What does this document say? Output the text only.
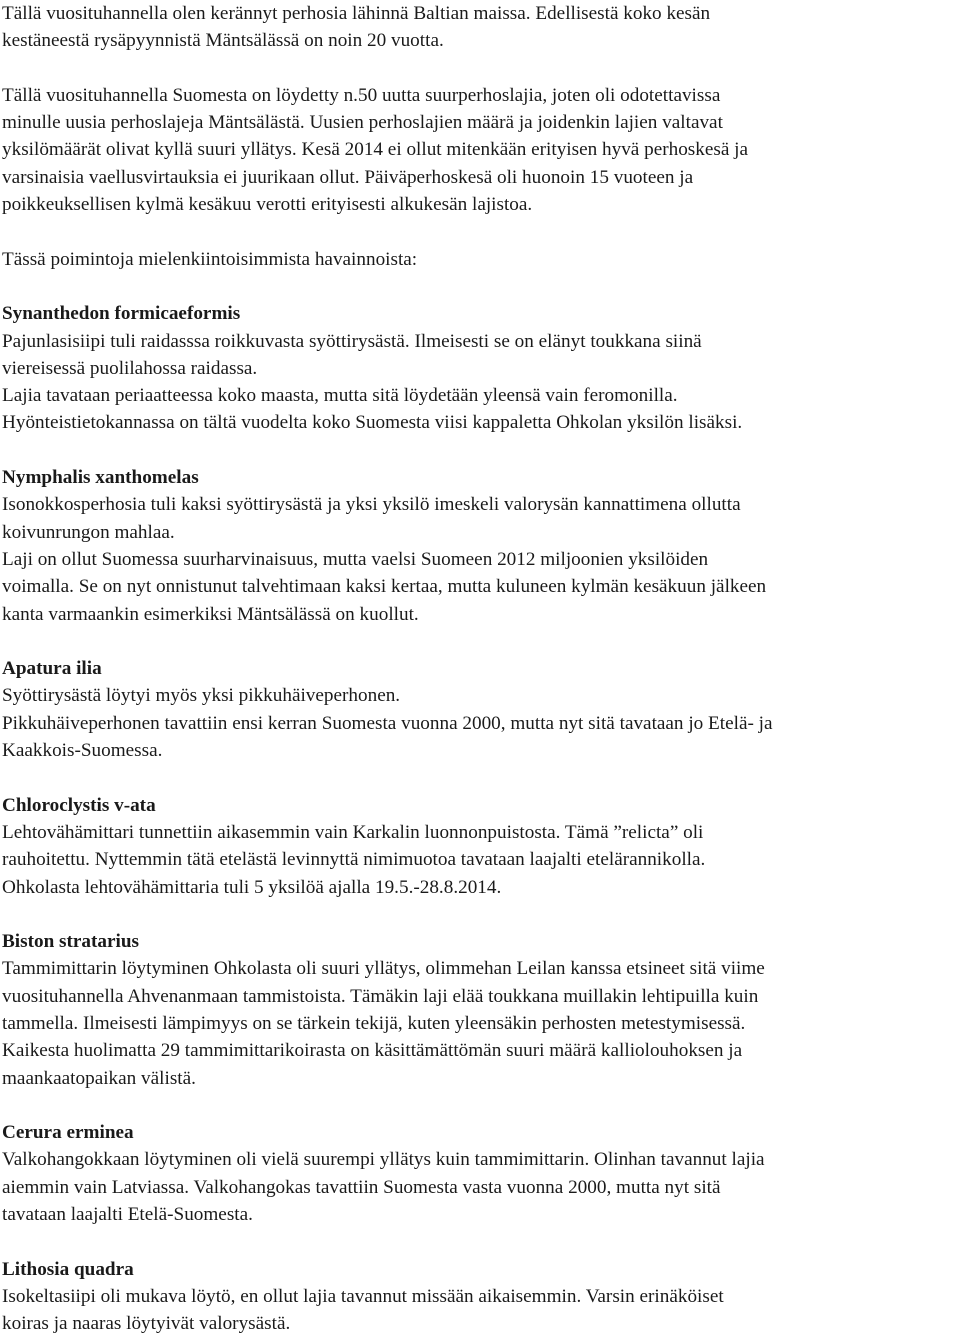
Tällä vuosituhannella olen kerännyt perhosia lähinnä Baltian maissa. Edellisestä koko kesän
kestäneestä rysäpyynnistä Mäntsälässä on noin 20 vuotta.
Tällä vuosituhannella Suomesta on löydetty n.50 uutta suurperhoslajia, joten oli odotettavissa
minulle uusia perhoslajeja Mäntsälästä. Uusien perhoslajien määrä ja joidenkin lajien valtavat
yksilömäärät olivat kyllä suuri yllätys. Kesä 2014 ei ollut mitenkään erityisen hyvä perhoskesä ja
varsinaisia vaellusvirtauksia ei juurikaan ollut. Päiväperhoskesä oli huonoin 15 vuoteen ja
poikkeuksellisen kylmä kesäkuu verotti erityisesti alkukesän lajistoa.
Tässä poimintoja mielenkiintoisimmista havainnoista:
Synanthedon formicaeformis
Pajunlasisiipi tuli raidasssa roikkuvasta syöttirysästä. Ilmeisesti se on elänyt toukkana siinä
viereisessä puolilahossa raidassa.
Lajia tavataan periaatteessa koko maasta, mutta sitä löydetään yleensä vain feromonilla.
Hyönteistietokannassa on tältä vuodelta koko Suomesta viisi kappaletta Ohkolan yksilön lisäksi.
Nymphalis xanthomelas
Isonokkosperhosia tuli kaksi syöttirysästä ja yksi yksilö imeskeli valorysän kannattimena ollutta
koivunrungon mahlaa.
Laji on ollut Suomessa suurharvinaisuus, mutta vaelsi Suomeen 2012 miljoonien yksilöiden
voimalla. Se on nyt onnistunut talvehtimaan kaksi kertaa, mutta kuluneen kylmän kesäkuun jälkeen
kanta varmaankin esimerkiksi Mäntsälässä on kuollut.
Apatura ilia
Syöttirysästä löytyi myös yksi pikkuhäiveperhonen.
Pikkuhäiveperhonen tavattiin ensi kerran Suomesta vuonna 2000, mutta nyt sitä tavataan jo Etelä- ja
Kaakkois-Suomessa.
Chloroclystis v-ata
Lehtovähämittari tunnettiin aikasemmin vain Karkalin luonnonpuistosta. Tämä ”relicta” oli
rauhoitettu. Nyttemmin tätä etelästä levinnyttä nimimuotoa tavataan laajalti etelärannikolla.
Ohkolasta lehtovähämittaria tuli 5 yksilöä ajalla 19.5.-28.8.2014.
Biston stratarius
Tammimittarin löytyminen Ohkolasta oli suuri yllätys, olimmehan Leilan kanssa etsineet sitä viime
vuosituhannella Ahvenanmaan tammistoista. Tämäkin laji elää toukkana muillakin lehtipuilla kuin
tammella. Ilmeisesti lämpimyys on se tärkein tekijä, kuten yleensäkin perhosten metestymisessä.
Kaikesta huolimatta 29 tammimittarikoirasta on käsittämättömän suuri määrä kalliolouhoksen ja
maankaatopaikan välistä.
Cerura erminea
Valkohangokkaan löytyminen oli vielä suurempi yllätys kuin tammimittarin. Olinhan tavannut lajia
aiemmin vain Latviassa. Valkohangokas tavattiin Suomesta vasta vuonna 2000, mutta nyt sitä
tavataan laajalti Etelä-Suomesta.
Lithosia quadra
Isokeltasiipi oli mukava löytö, en ollut lajia tavannut missään aikaisemmin. Varsin erinäköiset
koiras ja naaras löytyivät valorysästä.
